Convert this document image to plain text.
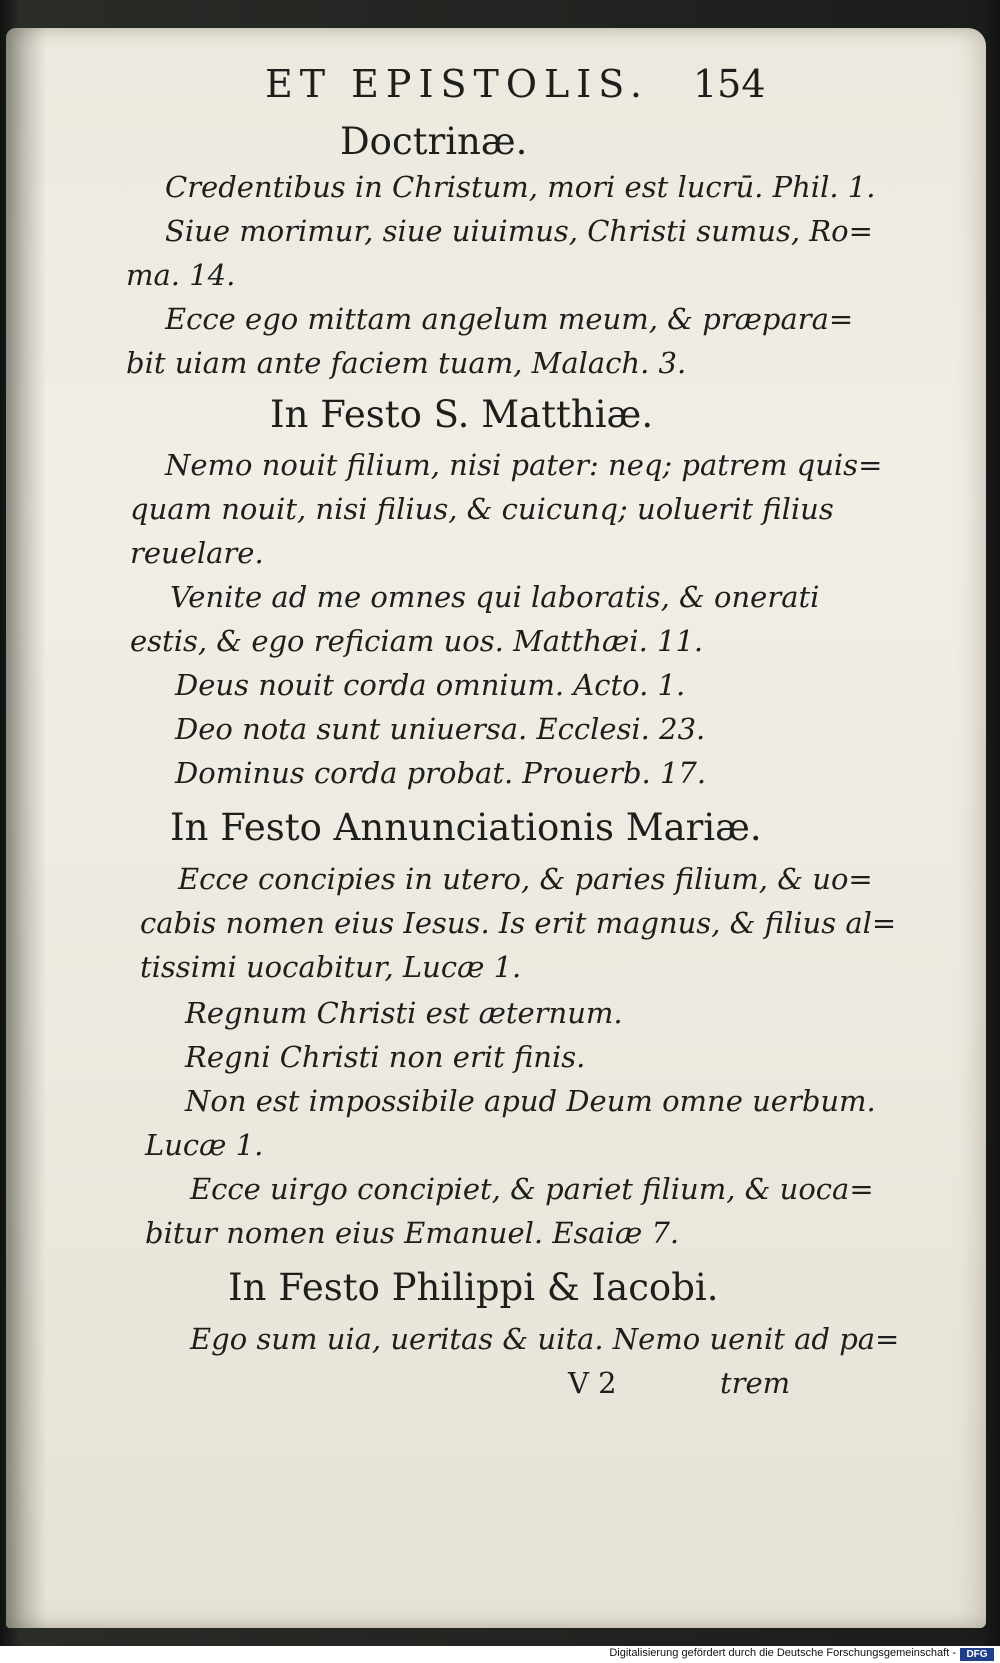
ET EPISTOLIS. 154
Doctrinæ.
Credentibus in Christum, mori est lucrū. Phil. 1.
Siue morimur, siue uiuimus, Christi sumus, Ro=
ma. 14.
Ecce ego mittam angelum meum, & præpara=
bit uiam ante faciem tuam, Malach. 3.
In Festo S. Matthiæ.
Nemo nouit filium, nisi pater: neq; patrem quis=
quam nouit, nisi filius, & cuicunq; uoluerit filius
reuelare.
Venite ad me omnes qui laboratis, & onerati
estis, & ego reficiam uos. Matthæi. 11.
Deus nouit corda omnium. Acto. 1.
Deo nota sunt uniuersa. Ecclesi. 23.
Dominus corda probat. Prouerb. 17.
In Festo Annunciationis Mariæ.
Ecce concipies in utero, & paries filium, & uo=
cabis nomen eius Iesus. Is erit magnus, & filius al=
tissimi uocabitur, Lucæ 1.
Regnum Christi est æternum.
Regni Christi non erit finis.
Non est impossibile apud Deum omne uerbum.
Lucæ 1.
Ecce uirgo concipiet, & pariet filium, & uoca=
bitur nomen eius Emanuel. Esaiæ 7.
In Festo Philippi & Iacobi.
Ego sum uia, ueritas & uita. Nemo uenit ad pa=
V 2	trem
Digitalisierung gefördert durch die Deutsche Forschungsgemeinschaft -	DFG
